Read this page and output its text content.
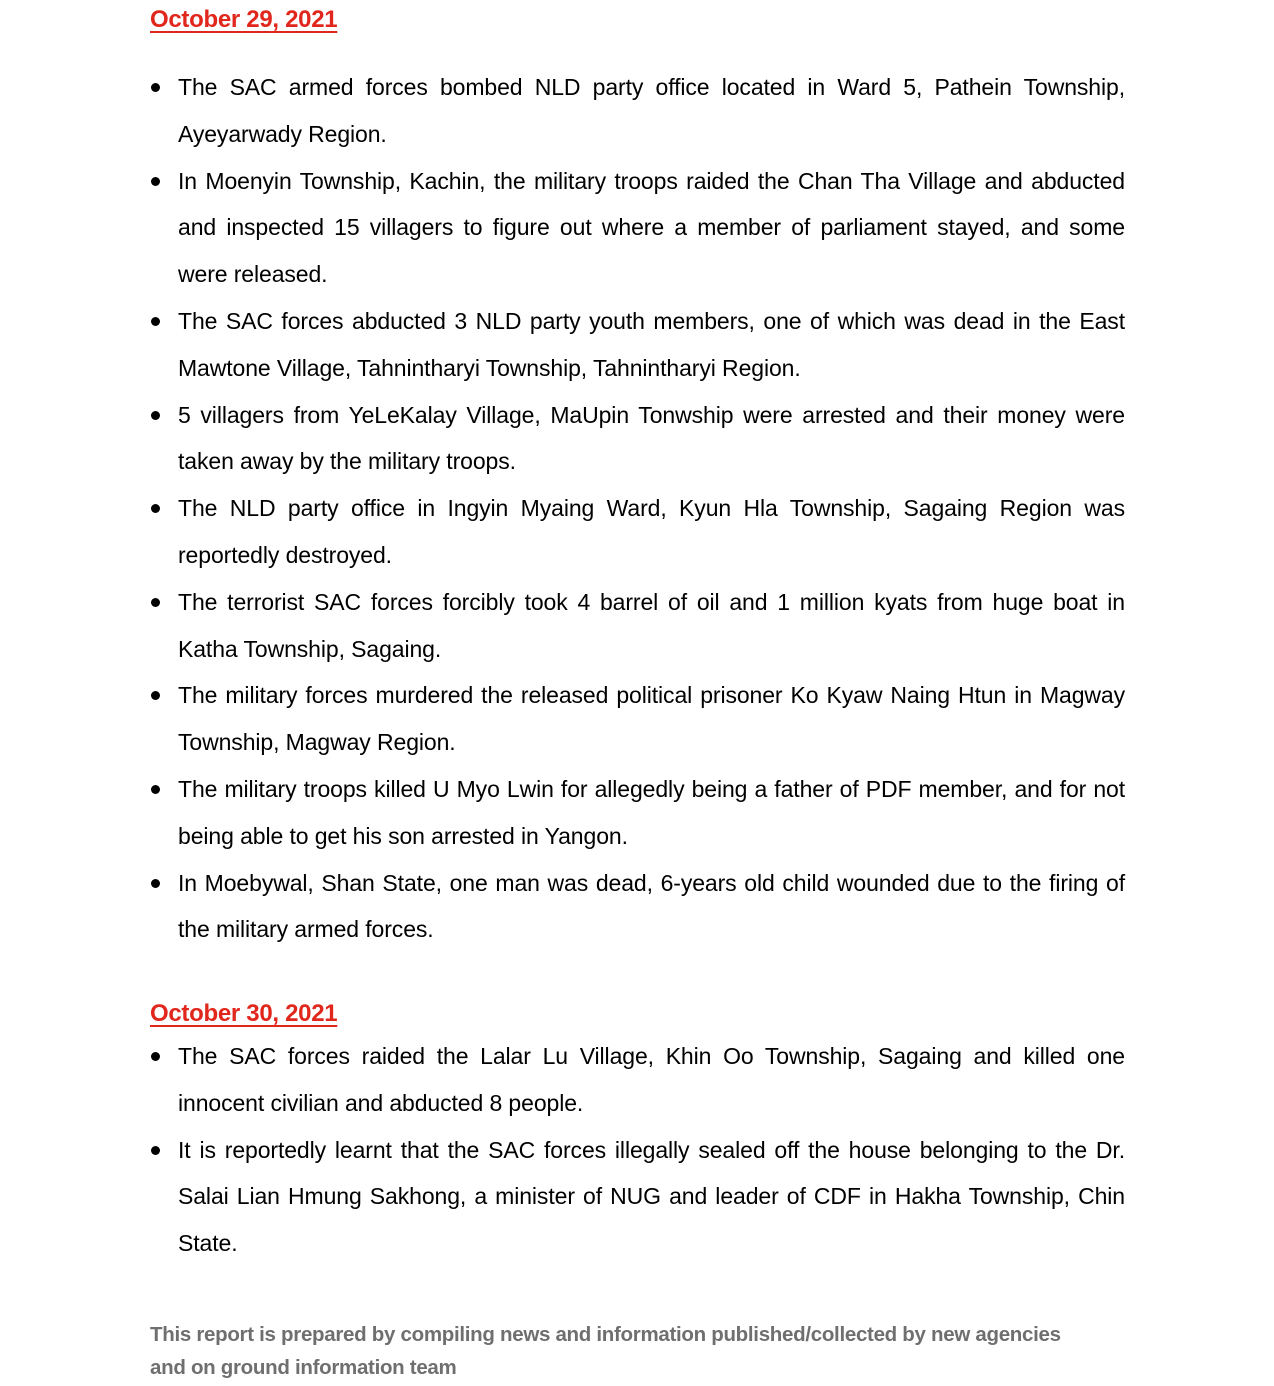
October 29, 2021
The SAC armed forces bombed NLD party office located in Ward 5, Pathein Township, Ayeyarwady Region.
In Moenyin Township, Kachin, the military troops raided the Chan Tha Village and abducted and inspected 15 villagers to figure out where a member of parliament stayed, and some were released.
The SAC forces abducted 3 NLD party youth members, one of which was dead in the East Mawtone Village, Tahnintharyi Township, Tahnintharyi Region.
5 villagers from YeLeKalay Village, MaUpin Tonwship were arrested and their money were taken away by the military troops.
The NLD party office in Ingyin Myaing Ward, Kyun Hla Township, Sagaing Region was reportedly destroyed.
The terrorist SAC forces forcibly took 4 barrel of oil and 1 million kyats from huge boat in Katha Township, Sagaing.
The military forces murdered the released political prisoner Ko Kyaw Naing Htun in Magway Township, Magway Region.
The military troops killed U Myo Lwin for allegedly being a father of PDF member, and for not being able to get his son arrested in Yangon.
In Moebywal, Shan State, one man was dead, 6-years old child wounded due to the firing of the military armed forces.
October 30, 2021
The SAC forces raided the Lalar Lu Village, Khin Oo Township, Sagaing and killed one innocent civilian and abducted 8 people.
It is reportedly learnt that the SAC forces illegally sealed off the house belonging to the Dr. Salai Lian Hmung Sakhong, a minister of NUG and leader of CDF in Hakha Township, Chin State.

This report is prepared by compiling news and information published/collected by new agencies and on ground information team
